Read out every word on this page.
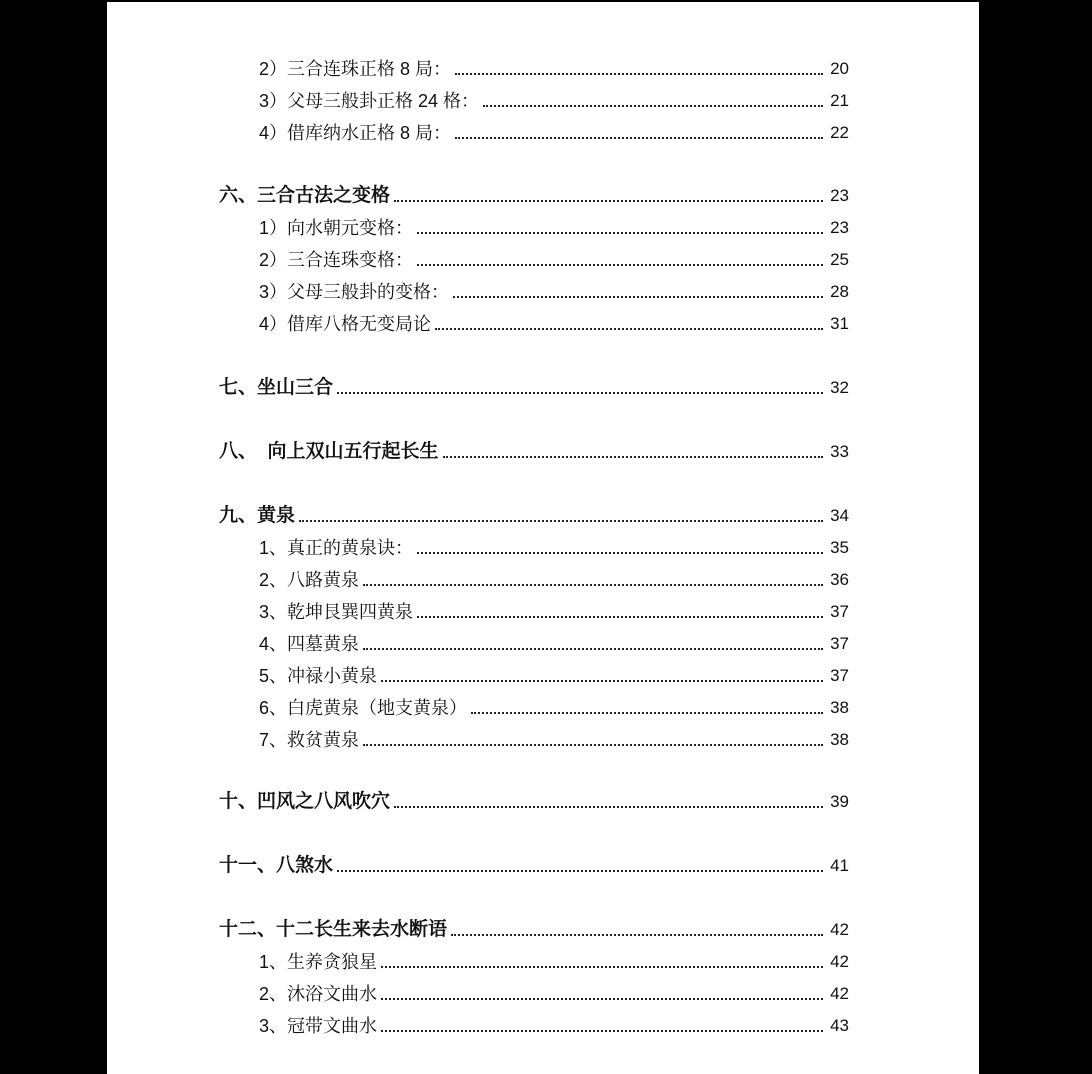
2）三合连珠正格 8 局：	20
3）父母三般卦正格 24 格：	21
4）借库纳水正格 8 局：	22
六、三合古法之变格	23
1）向水朝元变格：	23
2）三合连珠变格：	25
3）父母三般卦的变格：	28
4）借库八格无变局论	31
七、坐山三合	32
八、  向上双山五行起长生	33
九、黄泉	34
1、真正的黄泉诀：	35
2、八路黄泉	36
3、乾坤艮巽四黄泉	37
4、四墓黄泉	37
5、冲禄小黄泉	37
6、白虎黄泉（地支黄泉）	38
7、救贫黄泉	38
十、凹风之八风吹穴	39
十一、八煞水	41
十二、十二长生来去水断语	42
1、生养贪狼星	42
2、沐浴文曲水	42
3、冠带文曲水	43
